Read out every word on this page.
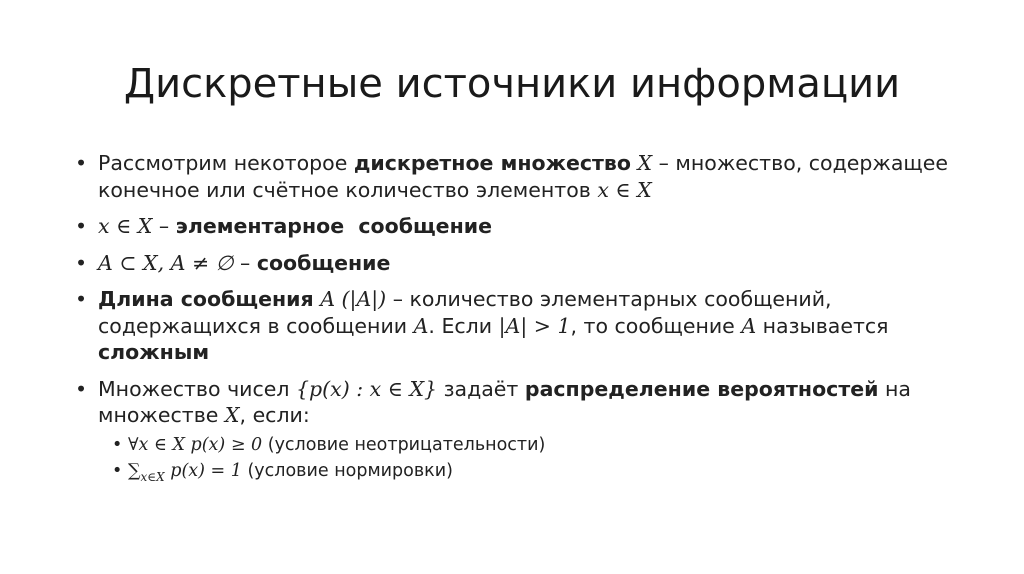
Дискретные источники информации
• Рассмотрим некоторое дискретное множество X – множество, содержащее конечное или счётное количество элементов x ∈ X
• x ∈ X – элементарное  сообщение
• A ⊂ X, A ≠ ∅ – сообщение
• Длина сообщения A (|A|) – количество элементарных сообщений, содержащихся в сообщении A. Если |A| > 1, то сообщение A называется сложным
• Множество чисел {p(x) : x ∈ X} задаёт распределение вероятностей на множестве X, если:
• ∀x ∈ X p(x) ≥ 0 (условие неотрицательности)
• $\sum_{x\in X}$ p(x) = 1 (условие нормировки)
